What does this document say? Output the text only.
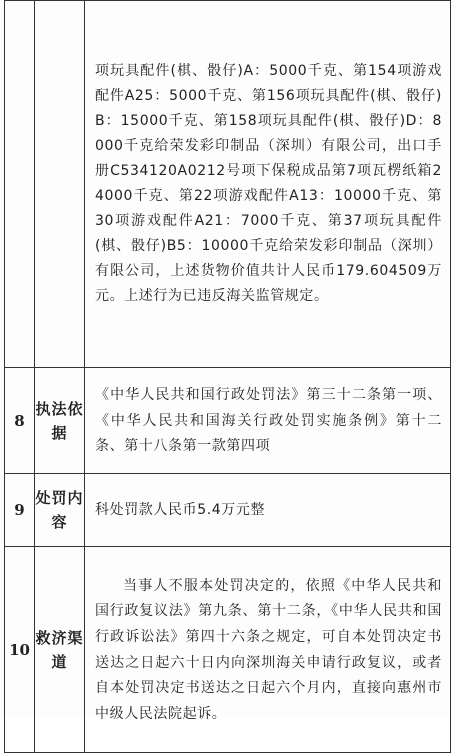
		项玩具配件(棋、骰仔)A：5000千克、第154项游戏配件A25：5000千克、第156项玩具配件(棋、骰仔)B：15000千克、第158项玩具配件(棋、骰仔)D：8000千克给荣发彩印制品（深圳）有限公司，出口手册C534120A0212号项下保税成品第7项瓦楞纸箱24000千克、第22项游戏配件A13：10000千克、第30项游戏配件A21：7000千克、第37项玩具配件(棋、骰仔)B5：10000千克给荣发彩印制品（深圳）有限公司，上述货物价值共计人民币179.604509万元。上述行为已违反海关监管规定。
8	执法依据	《中华人民共和国行政处罚法》第三十二条第一项、《中华人民共和国海关行政处罚实施条例》第十二条、第十八条第一款第四项
9	处罚内容	科处罚款人民币5.4万元整
10	救济渠道	当事人不服本处罚决定的，依照《中华人民共和国行政复议法》第九条、第十二条，《中华人民共和国行政诉讼法》第四十六条之规定，可自本处罚决定书送达之日起六十日内向深圳海关申请行政复议，或者自本处罚决定书送达之日起六个月内，直接向惠州市中级人民法院起诉。
